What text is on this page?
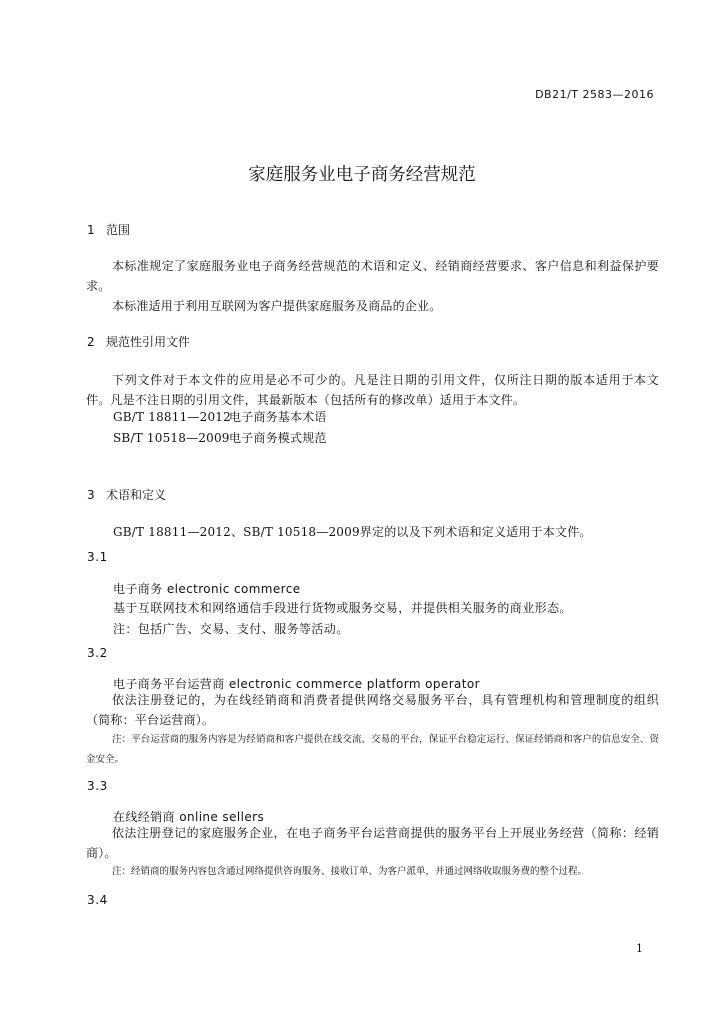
DB21/T 2583—2016
家庭服务业电子商务经营规范
1 范围
本标准规定了家庭服务业电子商务经营规范的术语和定义、经销商经营要求、客户信息和利益保护要求。
本标准适用于利用互联网为客户提供家庭服务及商品的企业。
2 规范性引用文件
下列文件对于本文件的应用是必不可少的。凡是注日期的引用文件，仅所注日期的版本适用于本文件。凡是不注日期的引用文件，其最新版本（包括所有的修改单）适用于本文件。
GB/T 18811—2012电子商务基本术语
SB/T 10518—2009电子商务模式规范
3 术语和定义
GB/T 18811—2012、SB/T 10518—2009界定的以及下列术语和定义适用于本文件。
3.1
电子商务 electronic commerce
基于互联网技术和网络通信手段进行货物或服务交易，并提供相关服务的商业形态。
注：包括广告、交易、支付、服务等活动。
3.2
电子商务平台运营商 electronic commerce platform operator
依法注册登记的，为在线经销商和消费者提供网络交易服务平台，具有管理机构和管理制度的组织（简称：平台运营商）。
注：平台运营商的服务内容是为经销商和客户提供在线交流、交易的平台，保证平台稳定运行、保证经销商和客户的信息安全、资金安全。
3.3
在线经销商 online sellers
依法注册登记的家庭服务企业，在电子商务平台运营商提供的服务平台上开展业务经营（简称：经销商）。
注：经销商的服务内容包含通过网络提供咨询服务、接收订单、为客户派单，并通过网络收取服务费的整个过程。
3.4
1
